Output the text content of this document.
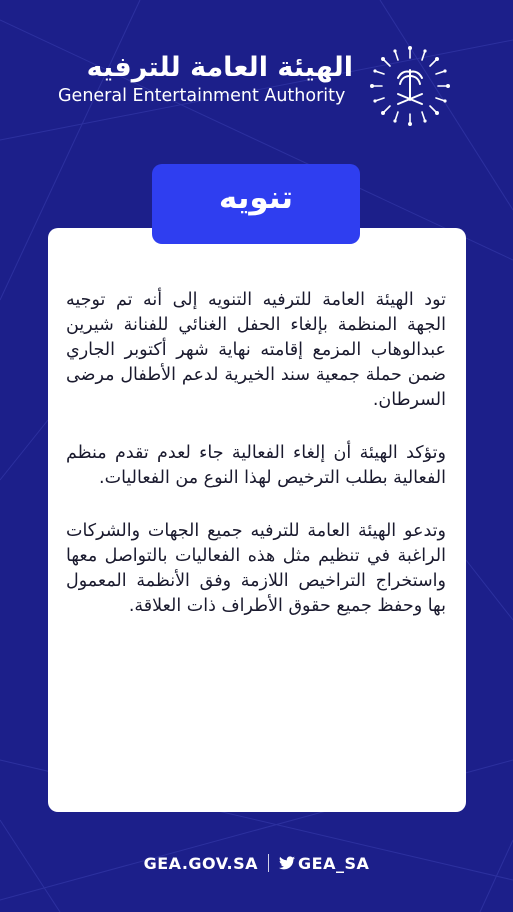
الهيئة العامة للترفيه
General Entertainment Authority
تنويه

تود الهيئة العامة للترفيه التنويه إلى أنه تم توجيه الجهة المنظمة بإلغاء الحفل الغنائي للفنانة شيرين عبدالوهاب المزمع إقامته نهاية شهر أكتوبر الجاري ضمن حملة جمعية سند الخيرية لدعم الأطفال مرضى السرطان.

وتؤكد الهيئة أن إلغاء الفعالية جاء لعدم تقدم منظم الفعالية بطلب الترخيص لهذا النوع من الفعاليات.

وتدعو الهيئة العامة للترفيه جميع الجهات والشركات الراغبة في تنظيم مثل هذه الفعاليات بالتواصل معها واستخراج التراخيص اللازمة وفق الأنظمة المعمول بها وحفظ جميع حقوق الأطراف ذات العلاقة.

GEA.GOV.SA	GEA_SA
